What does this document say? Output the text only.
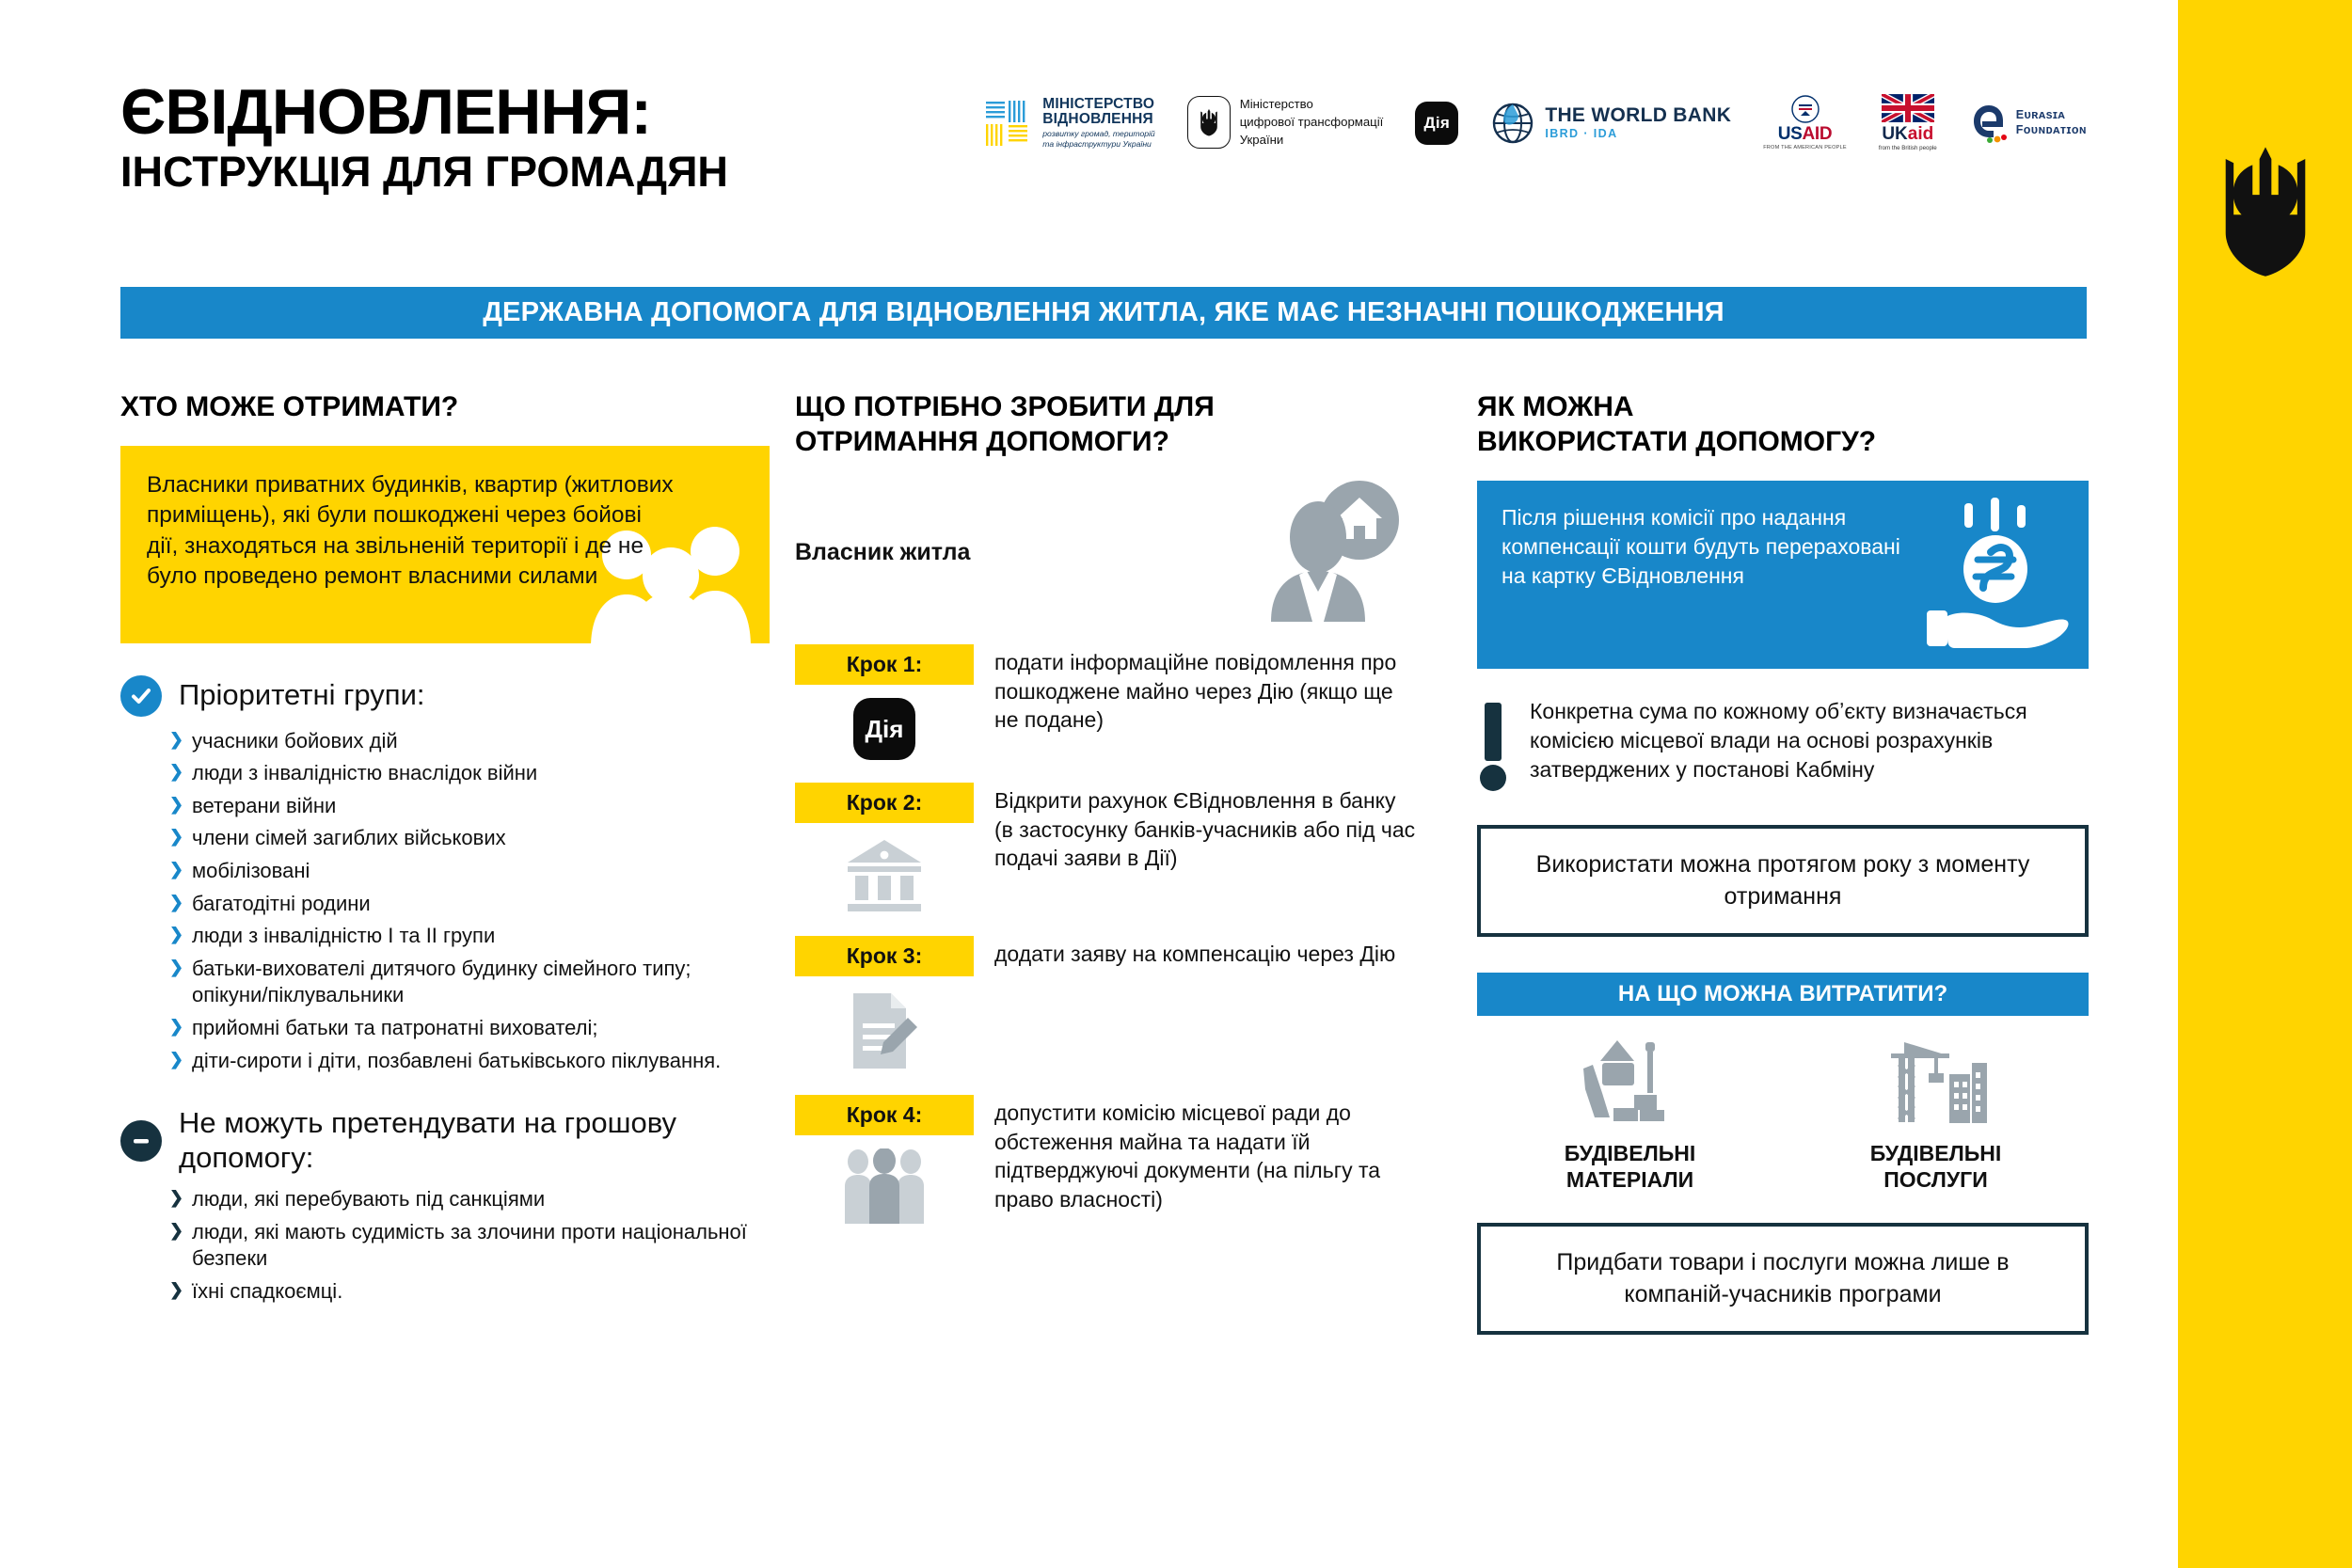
ЄВІДНОВЛЕННЯ:
ІНСТРУКЦІЯ ДЛЯ ГРОМАДЯН
МІНІСТЕРСТВО
ВІДНОВЛЕННЯ
розвитку громад, територій
та інфраструктури України
Міністерство
цифрової трансформації
України
Дія	THE WORLD BANK
IBRD · IDA	USAID
FROM THE AMERICAN PEOPLE
UKaid
from the British people
Eᴜʀᴀsɪᴀ
Fᴏᴜɴᴅᴀᴛɪᴏɴ
ДЕРЖАВНА ДОПОМОГА ДЛЯ ВІДНОВЛЕННЯ ЖИТЛА, ЯКЕ МАЄ НЕЗНАЧНІ ПОШКОДЖЕННЯ
ХТО МОЖЕ ОТРИМАТИ?

Власники приватних будинків, квартир (житлових приміщень), які були пошкоджені через бойові дії, знаходяться на звільненій території і де не було проведено ремонт власними силами

Пріоритетні групи:
❯ учасники бойових дій
❯ люди з інвалідністю внаслідок війни
❯ ветерани війни
❯ члени сімей загиблих військових
❯ мобілізовані
❯ багатодітні родини
❯ люди з інвалідністю I та II групи
❯ батьки-вихователі дитячого будинку сімейного типу; опікуни/піклувальники
❯ прийомні батьки та патронатні вихователі;
❯ діти-сироти і діти, позбавлені батьківського піклування.
Не можуть претендувати на грошову допомогу:
❯ люди, які перебувають під санкціями
❯ люди, які мають судимість за злочини проти національної безпеки
❯ їхні спадкоємці.
ЩО ПОТРІБНО ЗРОБИТИ ДЛЯ
ОТРИМАННЯ ДОПОМОГИ?
Власник житла
Крок 1:
Дія
подати інформаційне повідомлення про пошкоджене майно через Дію (якщо ще не подане)
Крок 2:	Відкрити рахунок ЄВідновлення в банку (в застосунку банків-учасників або під час подачі заяви в Дії)
Крок 3:	додати заяву на компенсацію через Дію
Крок 4:	допустити комісію місцевої ради до обстеження майна та надати їй підтверджуючі документи (на пільгу та право власності)
ЯК МОЖНА
ВИКОРИСТАТИ ДОПОМОГУ?

Після рішення комісії про надання компенсації кошти будуть перераховані на картку ЄВідновлення

Конкретна сума по кожному обʼєкту визначається комісією місцевої влади на основі розрахунків затверджених у постанові Кабміну
Використати можна протягом року з моменту отримання
НА ЩО МОЖНА ВИТРАТИТИ?
БУДІВЕЛЬНІ МАТЕРІАЛИ
БУДІВЕЛЬНІ ПОСЛУГИ
Придбати товари і послуги можна лише в компаній-учасників програми
